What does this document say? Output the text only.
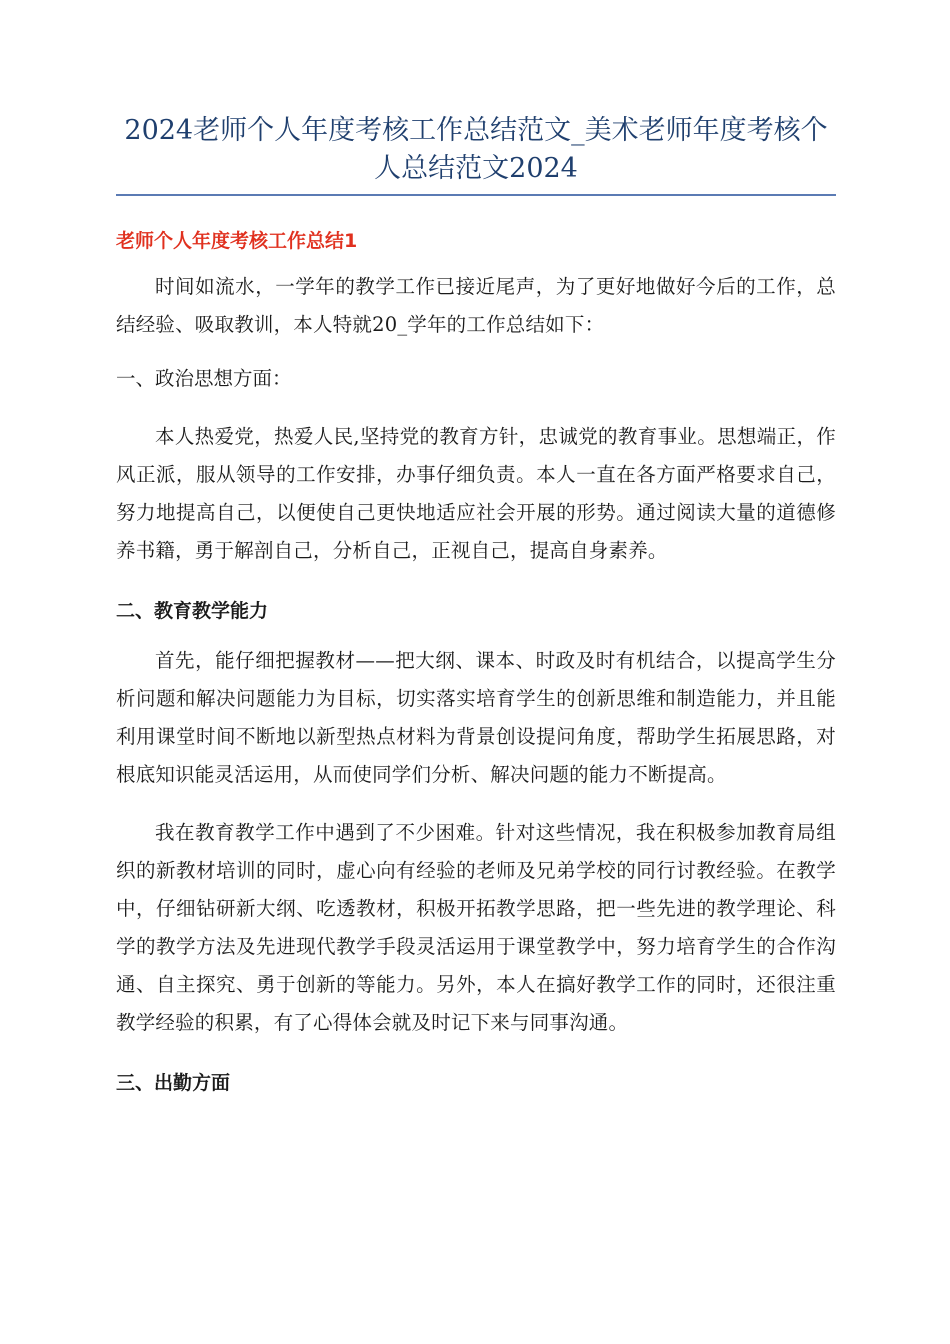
2024老师个人年度考核工作总结范文_美术老师年度考核个人总结范文2024
老师个人年度考核工作总结1

时间如流水，一学年的教学工作已接近尾声，为了更好地做好今后的工作，总结经验、吸取教训，本人特就20_学年的工作总结如下：

一、政治思想方面：

本人热爱党，热爱人民,坚持党的教育方针，忠诚党的教育事业。思想端正，作风正派，服从领导的工作安排，办事仔细负责。本人一直在各方面严格要求自己，努力地提高自己，以便使自己更快地适应社会开展的形势。通过阅读大量的道德修养书籍，勇于解剖自己，分析自己，正视自己，提高自身素养。

二、教育教学能力

首先，能仔细把握教材——把大纲、课本、时政及时有机结合，以提高学生分析问题和解决问题能力为目标，切实落实培育学生的创新思维和制造能力，并且能利用课堂时间不断地以新型热点材料为背景创设提问角度，帮助学生拓展思路，对根底知识能灵活运用，从而使同学们分析、解决问题的能力不断提高。

我在教育教学工作中遇到了不少困难。针对这些情况，我在积极参加教育局组织的新教材培训的同时，虚心向有经验的老师及兄弟学校的同行讨教经验。在教学中，仔细钻研新大纲、吃透教材，积极开拓教学思路，把一些先进的教学理论、科学的教学方法及先进现代教学手段灵活运用于课堂教学中，努力培育学生的合作沟通、自主探究、勇于创新的等能力。另外，本人在搞好教学工作的同时，还很注重教学经验的积累，有了心得体会就及时记下来与同事沟通。

三、出勤方面
